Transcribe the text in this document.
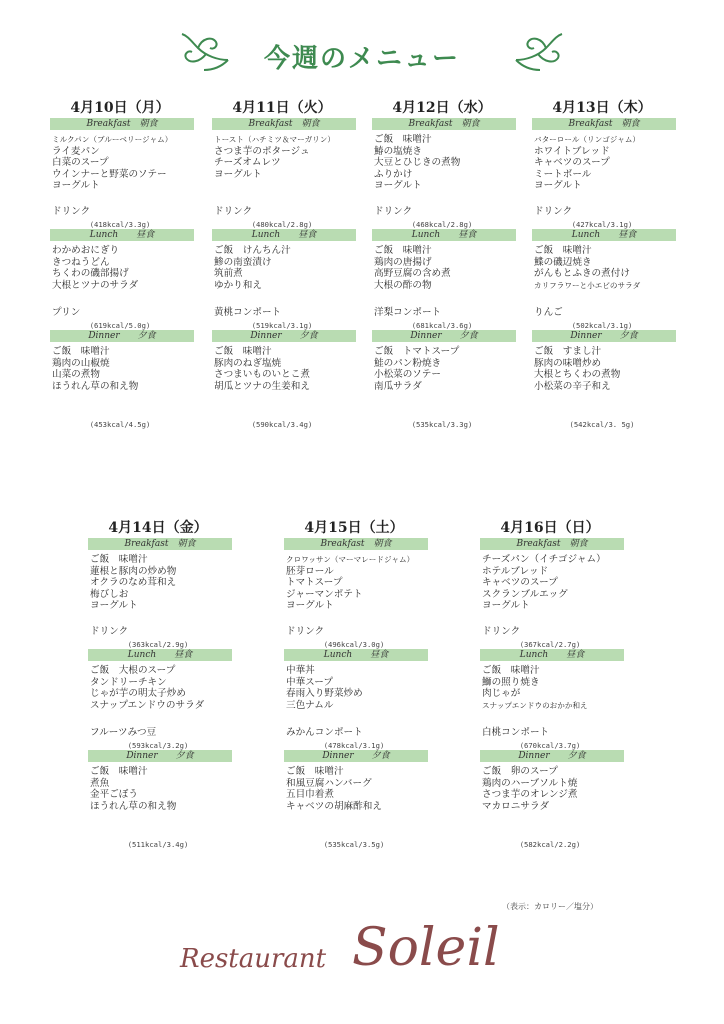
今週のメニュー
4月10日（月）
Breakfast　朝食
ミルクパン（ブルーベリージャム）
ライ麦パン
白菜のスープ
ウインナーと野菜のソテー
ヨーグルト
ドリンク
(418kcal/3.3g)
Lunch　　昼食
わかめおにぎり
きつねうどん
ちくわの磯部揚げ
大根とツナのサラダ
プリン
(619kcal/5.0g)
Dinner　　夕食
ご飯　味噌汁
鶏肉の山椒焼
山菜の煮物
ほうれん草の和え物
(453kcal/4.5g)
4月11日（火）
Breakfast　朝食
トースト（ハチミツ＆マーガリン）
さつま芋のポタージュ
チーズオムレツ
ヨーグルト
ドリンク
(480kcal/2.8g)
Lunch　　昼食
ご飯　けんちん汁
鯵の南蛮漬け
筑前煮
ゆかり和え
黄桃コンポート
(519kcal/3.1g)
Dinner　　夕食
ご飯　味噌汁
豚肉のねぎ塩焼
さつまいものいとこ煮
胡瓜とツナの生姜和え
(590kcal/3.4g)
4月12日（水）
Breakfast　朝食
ご飯　味噌汁
鰆の塩焼き
大豆とひじきの煮物
ふりかけ
ヨーグルト
ドリンク
(468kcal/2.8g)
Lunch　　昼食
ご飯　味噌汁
鶏肉の唐揚げ
高野豆腐の含め煮
大根の酢の物
洋梨コンポート
(681kcal/3.6g)
Dinner　　夕食
ご飯　トマトスープ
鮭のパン粉焼き
小松菜のソテー
南瓜サラダ
(535kcal/3.3g)
4月13日（木）
Breakfast　朝食
バターロール（リンゴジャム）
ホワイトブレッド
キャベツのスープ
ミートボール
ヨーグルト
ドリンク
(427kcal/3.1g)
Lunch　　昼食
ご飯　味噌汁
鰈の磯辺焼き
がんもとふきの煮付け
カリフラワーと小エビのサラダ
りんご
(502kcal/3.1g)
Dinner　　夕食
ご飯　すまし汁
豚肉の味噌炒め
大根とちくわの煮物
小松菜の辛子和え
(542kcal/3. 5g)
4月14日（金）
Breakfast　朝食
ご飯　味噌汁
蓮根と豚肉の炒め物
オクラのなめ茸和え
梅びしお
ヨーグルト
ドリンク
(363kcal/2.9g)
Lunch　　昼食
ご飯　大根のスープ
タンドリーチキン
じゃが芋の明太子炒め
スナップエンドウのサラダ
フルーツみつ豆
(593kcal/3.2g)
Dinner　　夕食
ご飯　味噌汁
煮魚
金平ごぼう
ほうれん草の和え物
(511kcal/3.4g)
4月15日（土）
Breakfast　朝食
クロワッサン（マーマレードジャム）
胚芽ロール
トマトスープ
ジャーマンポテト
ヨーグルト
ドリンク
(496kcal/3.0g)
Lunch　　昼食
中華丼
中華スープ
春雨入り野菜炒め
三色ナムル
みかんコンポート
(478kcal/3.1g)
Dinner　　夕食
ご飯　味噌汁
和風豆腐ハンバーグ
五目巾着煮
キャベツの胡麻酢和え
(535kcal/3.5g)
4月16日（日）
Breakfast　朝食
チーズパン（イチゴジャム）
ホテルブレッド
キャベツのスープ
スクランブルエッグ
ヨーグルト
ドリンク
(367kcal/2.7g)
Lunch　　昼食
ご飯　味噌汁
鰤の照り焼き
肉じゃが
スナップエンドウのおかか和え
白桃コンポート
(670kcal/3.7g)
Dinner　　夕食
ご飯　卵のスープ
鶏肉のハーブソルト焼
さつま芋のオレンジ煮
マカロニサラダ
(582kcal/2.2g)
（表示：カロリー／塩分）
Restaurant Soleil
